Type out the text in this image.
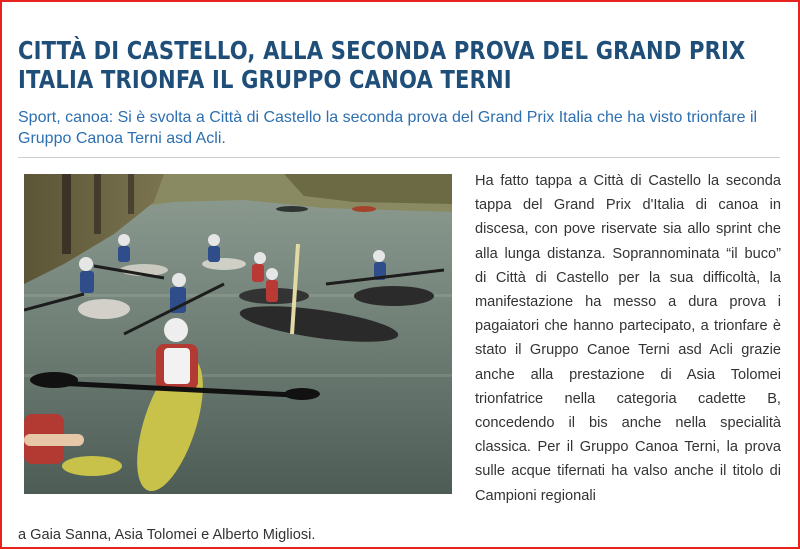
CITTÀ DI CASTELLO, ALLA SECONDA PROVA DEL GRAND PRIX ITALIA TRIONFA IL GRUPPO CANOA TERNI

Sport, canoa: Si è svolta a Città di Castello la seconda prova del Grand Prix Italia che ha visto trionfare il Gruppo Canoa Terni asd Acli.

Ha fatto tappa a Città di Castello la seconda tappa del Grand Prix d'Italia di canoa in discesa, con pove riservate sia allo sprint che alla lunga distanza. Soprannominata “il buco” di Città di Castello per la sua difficoltà, la manifestazione ha messo a dura prova i pagaiatori che hanno partecipato, a trionfare è stato il Gruppo Canoe Terni asd Acli grazie anche alla prestazione di Asia Tolomei trionfatrice nella categoria cadette B, concedendo il bis anche nella specialità classica. Per il Gruppo Canoa Terni, la prova sulle acque tifernati ha valso anche il titolo di Campioni regionali

a Gaia Sanna, Asia Tolomei e Alberto Migliosi.
